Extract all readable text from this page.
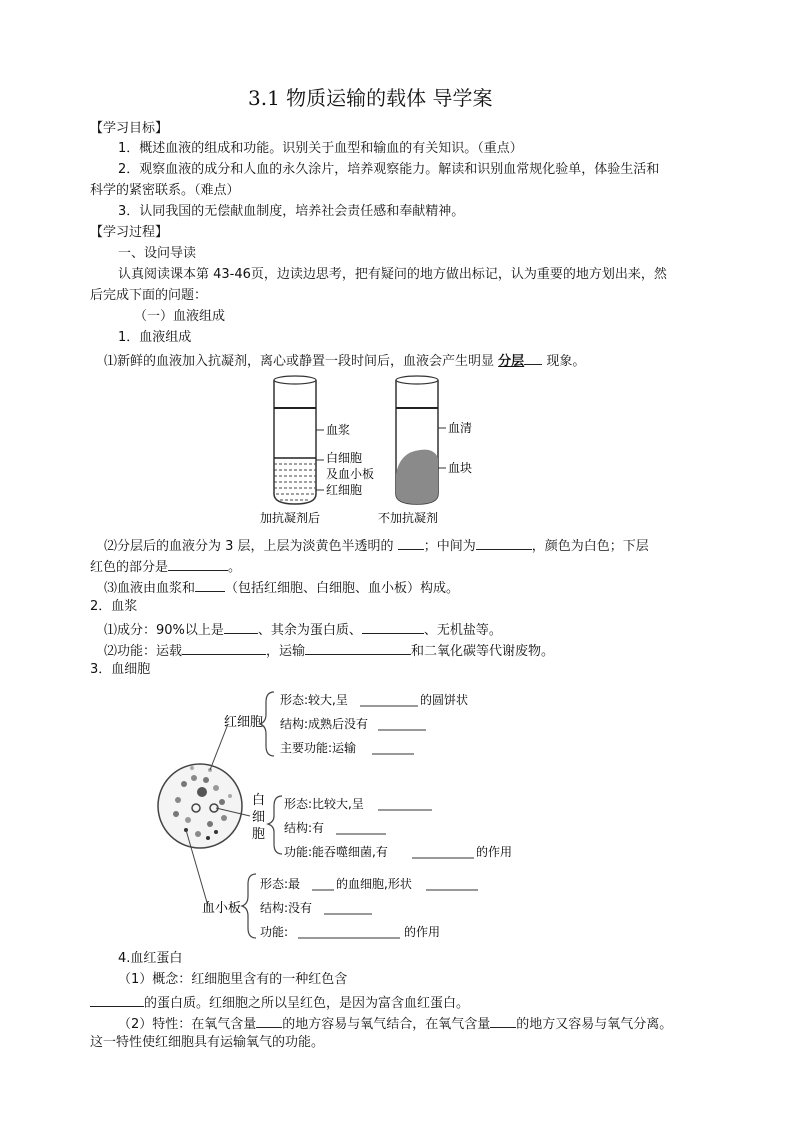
3.1 物质运输的载体 导学案
【学习目标】
1．概述血液的组成和功能。识别关于血型和输血的有关知识。（重点）
2．观察血液的成分和人血的永久涂片，培养观察能力。解读和识别血常规化验单，体验生活和
科学的紧密联系。（难点）
3．认同我国的无偿献血制度，培养社会责任感和奉献精神。
【学习过程】
一、设问导读
认真阅读课本第 43-46页，边读边思考，把有疑问的地方做出标记，认为重要的地方划出来，然
后完成下面的问题：
（一）血液组成
1．血液组成
⑴新鲜的血液加入抗凝剂，离心或静置一段时间后，血液会产生明显 分层 现象。
血浆
白细胞
及血小板
红细胞
加抗凝剂后
血清
血块
不加抗凝剂
⑵分层后的血液分为 3 层，上层为淡黄色半透明的 ；中间为	，颜色为白色；下层
红色的部分是	。
⑶血液由血浆和 （包括红细胞、白细胞、血小板）构成。
2．血浆
⑴成分：90%以上是	、其余为蛋白质、	、无机盐等。
⑵功能：运载	，运输	和二氧化碳等代谢废物。
3．血细胞
红细胞
形态:较大,呈	的圆饼状
结构:成熟后没有
主要功能:运输
白
细
胞
形态:比较大,呈
结构:有
功能:能吞噬细菌,有	的作用
血小板
形态:最	的血细胞,形状
结构:没有
功能:	的作用
4.血红蛋白
（1）概念：红细胞里含有的一种红色含
的蛋白质。红细胞之所以呈红色，是因为富含血红蛋白。
（2）特性：在氧气含量 的地方容易与氧气结合，在氧气含量 的地方又容易与氧气分离。
这一特性使红细胞具有运输氧气的功能。
